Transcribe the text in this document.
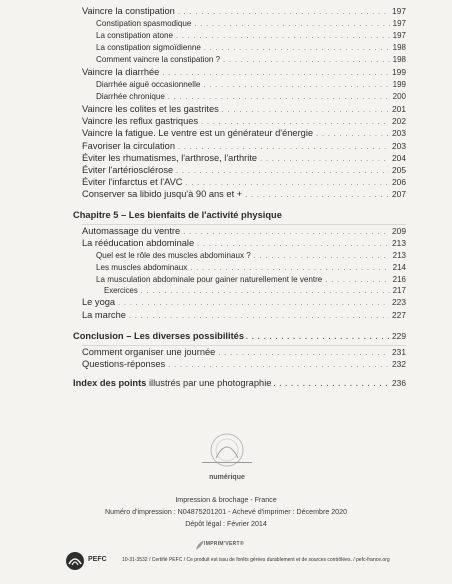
Vaincre la constipation . . .	197
Constipation spasmodique . . .	197
La constipation atone . . .	197
La constipation sigmoïdienne . . .	198
Comment vaincre la constipation ? . . .	198
Vaincre la diarrhée . . .	199
Diarrhée aiguë occasionnelle . . .	199
Diarrhée chronique . . .	200
Vaincre les colites et les gastrites . . .	201
Vaincre les reflux gastriques . . .	202
Vaincre la fatigue. Le ventre est un générateur d'énergie . . .	203
Favoriser la circulation . . .	203
Éviter les rhumatismes, l'arthrose, l'arthrite . . .	204
Éviter l'artériosclérose . . .	205
Éviter l'infarctus et l'AVC . . .	206
Conserver sa libido jusqu'à 90 ans et + . . .	207
Chapitre 5 – Les bienfaits de l'activité physique
Automassage du ventre . . .	209
La rééducation abdominale . . .	213
Quel est le rôle des muscles abdominaux ? . . .	213
Les muscles abdominaux . . .	214
La musculation abdominale pour gainer naturellement le ventre . . .	216
Exercices . . .	217
Le yoga . . .	223
La marche . . .	227
Conclusion – Les diverses possibilités . . .	229
Comment organiser une journée . . .	231
Questions-réponses . . .	232
Index des points illustrés par une photographie . . .	236
numérique
Impression & brochage - France
Numéro d'impression : N04875201201 - Achevé d'imprimer : Décembre 2020
Dépôt légal : Février 2014
IMPRIM'VERT®
PEFC	10-31-3532 / Certifié PEFC / Ce produit est issu de forêts gérées durablement et de sources contrôlées. / pefc-france.org
